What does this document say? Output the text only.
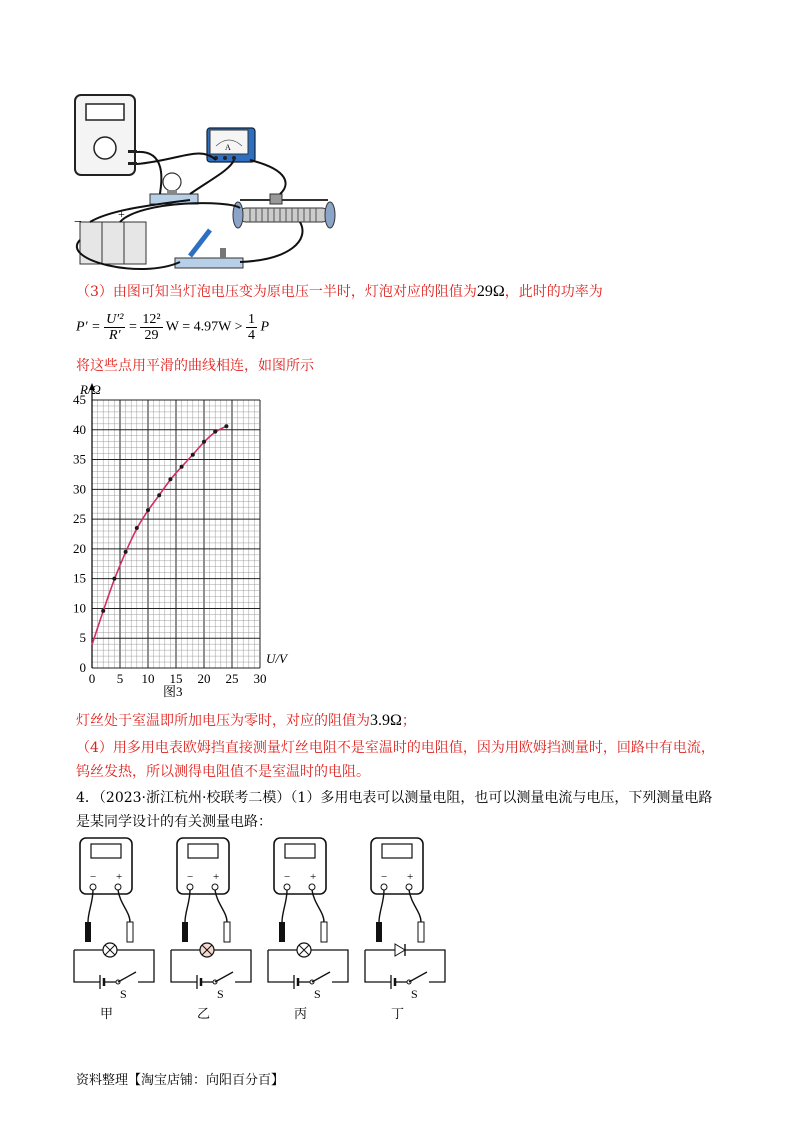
A
−
+
（3）由图可知当灯泡电压变为原电压一半时，灯泡对应的阻值为29Ω，此时的功率为
$P' = \frac{\text{U′²}}{R'} = \frac{\text{12²}}{29}$ $W = 4.97W > \frac{1}{4}$ P
将这些点用平滑的曲线相连，如图所示
0 5 10 15 20 25 30
0
5
10
15
20
25
30
35
40
45
R/Ω
U/V
图3
灯丝处于室温即所加电压为零时，对应的阻值为3.9Ω；
（4）用多用电表欧姆挡直接测量灯丝电阻不是室温时的电阻值，因为用欧姆挡测量时，回路中有电流，
钨丝发热，所以测得电阻值不是室温时的电阻。
4．（2023·浙江杭州·校联考二模）（1）多用电表可以测量电阻，也可以测量电流与电压，下列测量电路
是某同学设计的有关测量电路：
− +
S
甲
− +
S
乙
− +
S
丙
− +
S
丁
资料整理【淘宝店铺：向阳百分百】
